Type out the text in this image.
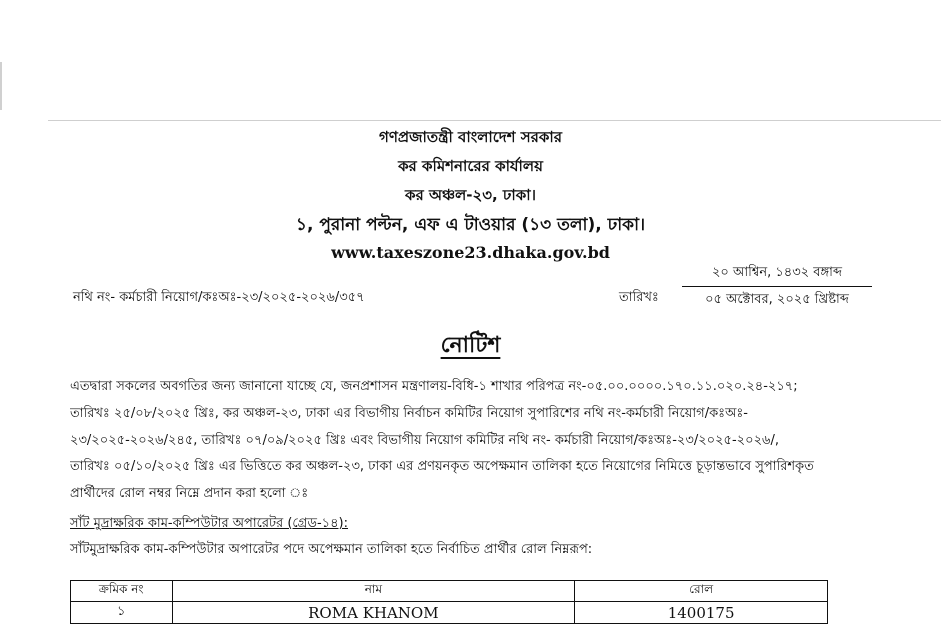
গণপ্রজাতন্ত্রী বাংলাদেশ সরকার
কর কমিশনারের কার্যালয়
কর অঞ্চল-২৩, ঢাকা।
১, পুরানা পল্টন, এফ এ টাওয়ার (১৩ তলা), ঢাকা।
www.taxeszone23.dhaka.gov.bd
নথি নং- কর্মচারী নিয়োগ/কঃঅঃ-২৩/২০২৫-২০২৬/৩৫৭	তারিখঃ
২০ আশ্বিন, ১৪৩২ বঙ্গাব্দ
০৫ অক্টোবর, ২০২৫ খ্রিষ্টাব্দ
নোটিশ
এতদ্বারা সকলের অবগতির জন্য জানানো যাচ্ছে যে, জনপ্রশাসন মন্ত্রণালয়-বিধি-১ শাখার পরিপত্র নং-০৫.০০.০০০০.১৭০.১১.০২০.২৪-২১৭;
তারিখঃ ২৫/০৮/২০২৫ খ্রিঃ, কর অঞ্চল-২৩, ঢাকা এর বিভাগীয় নির্বাচন কমিটির নিয়োগ সুপারিশের নথি নং-কর্মচারী নিয়োগ/কঃঅঃ-
২৩/২০২৫-২০২৬/২৪৫, তারিখঃ ০৭/০৯/২০২৫ খ্রিঃ এবং বিভাগীয় নিয়োগ কমিটির নথি নং- কর্মচারী নিয়োগ/কঃঅঃ-২৩/২০২৫-২০২৬/,
তারিখঃ ০৫/১০/২০২৫ খ্রিঃ এর ভিত্তিতে কর অঞ্চল-২৩, ঢাকা এর প্রণয়নকৃত অপেক্ষমান তালিকা হতে নিয়োগের নিমিত্তে চূড়ান্তভাবে সুপারিশকৃত
প্রার্থীদের রোল নম্বর নিম্নে প্রদান করা হলো ঃ
সাঁট মুদ্রাক্ষরিক কাম-কম্পিউটার অপারেটর (গ্রেড-১৪):
সাঁটমুদ্রাক্ষরিক কাম-কম্পিউটার অপারেটর পদে অপেক্ষমান তালিকা হতে নির্বাচিত প্রার্থীর রোল নিম্নরূপ:
ক্রমিক নং	নাম	রোল
১	ROMA KHANOM	1400175
